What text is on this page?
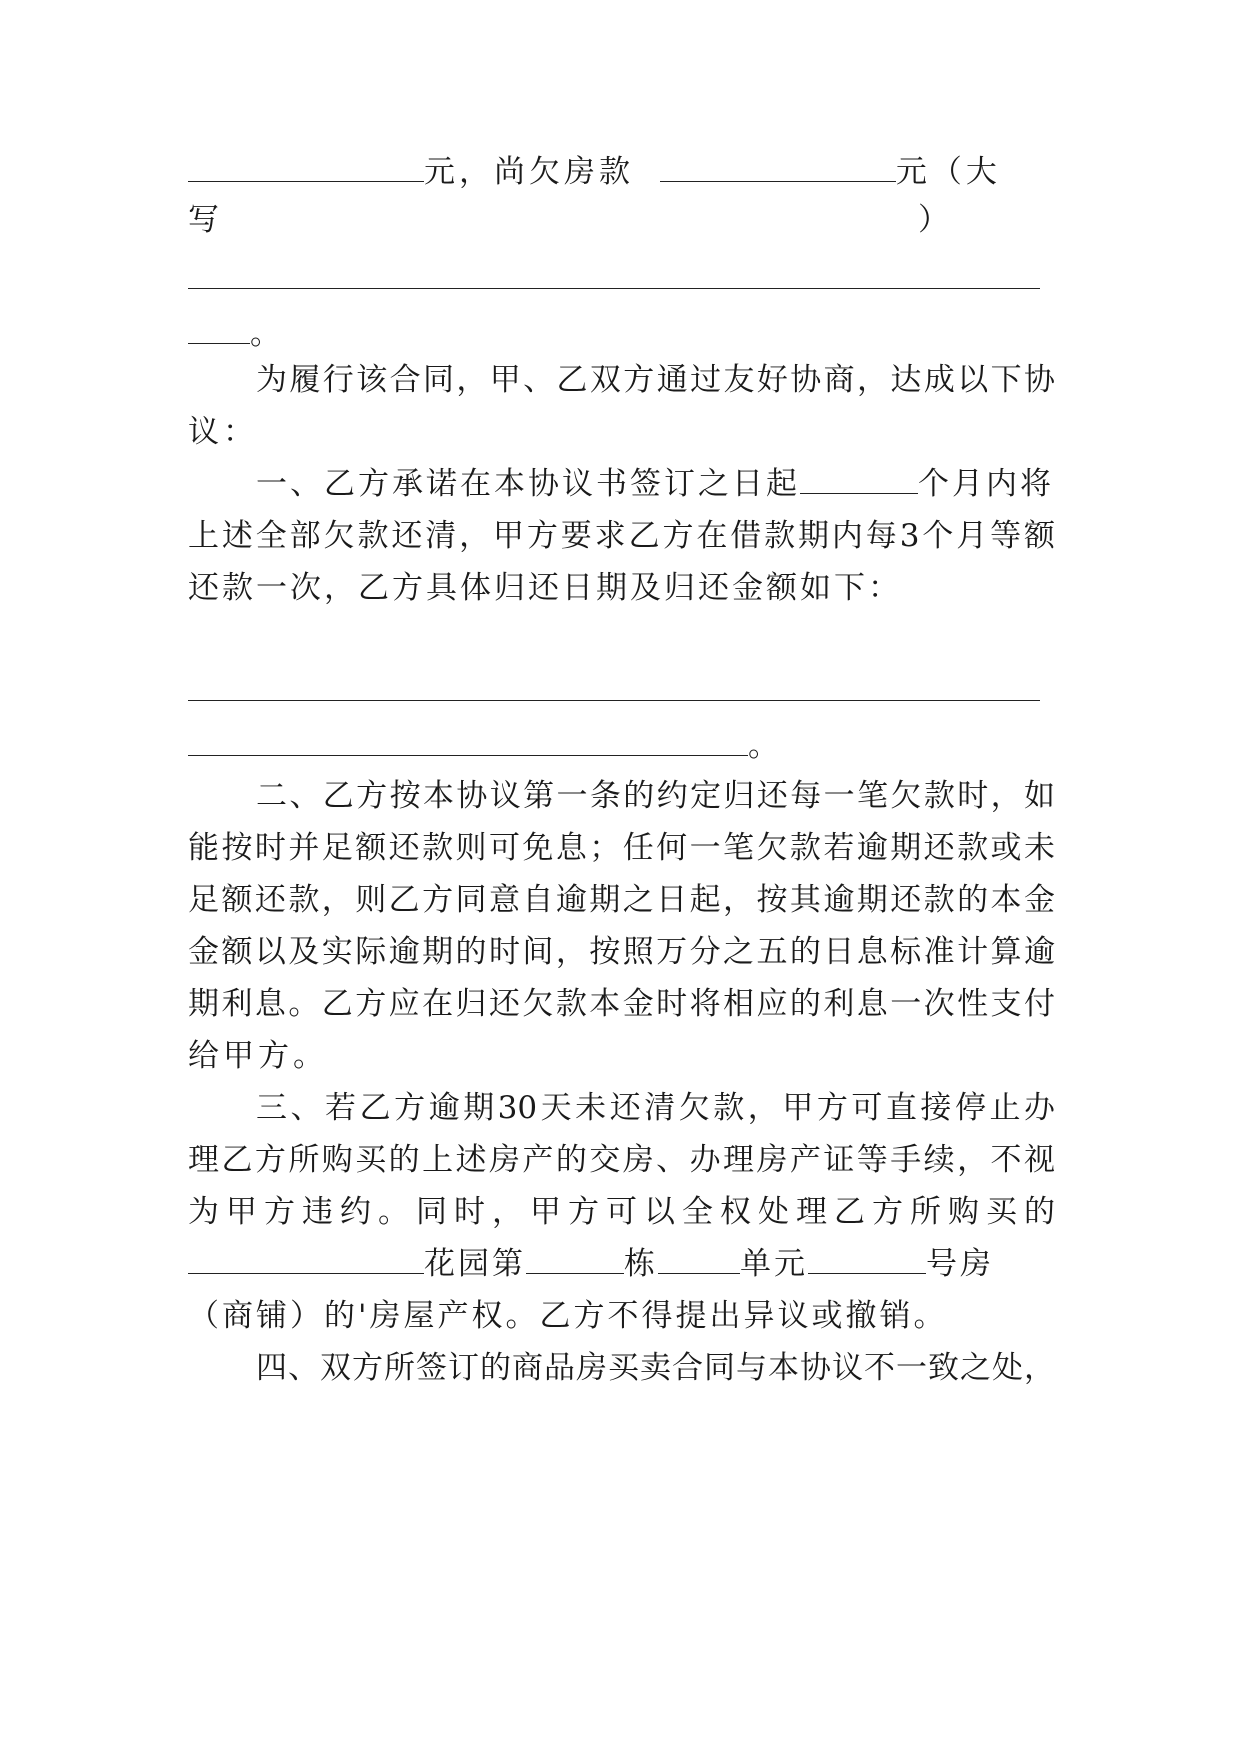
元，尚欠房款	元（大
写	）
。
为履行该合同，甲、乙双方通过友好协商，达成以下协
议：
一、乙方承诺在本协议书签订之日起	个月内将
上述全部欠款还清，甲方要求乙方在借款期内每3个月等额
还款一次，乙方具体归还日期及归还金额如下：
。
二、乙方按本协议第一条的约定归还每一笔欠款时，如
能按时并足额还款则可免息；任何一笔欠款若逾期还款或未
足额还款，则乙方同意自逾期之日起，按其逾期还款的本金
金额以及实际逾期的时间，按照万分之五的日息标准计算逾
期利息。乙方应在归还欠款本金时将相应的利息一次性支付
给甲方。
三、若乙方逾期30天未还清欠款，甲方可直接停止办
理乙方所购买的上述房产的交房、办理房产证等手续，不视
为甲方违约。同时，甲方可以全权处理乙方所购买的
花园第	栋	单元	号房
（商铺）的'房屋产权。乙方不得提出异议或撤销。
四、双方所签订的商品房买卖合同与本协议不一致之处，
